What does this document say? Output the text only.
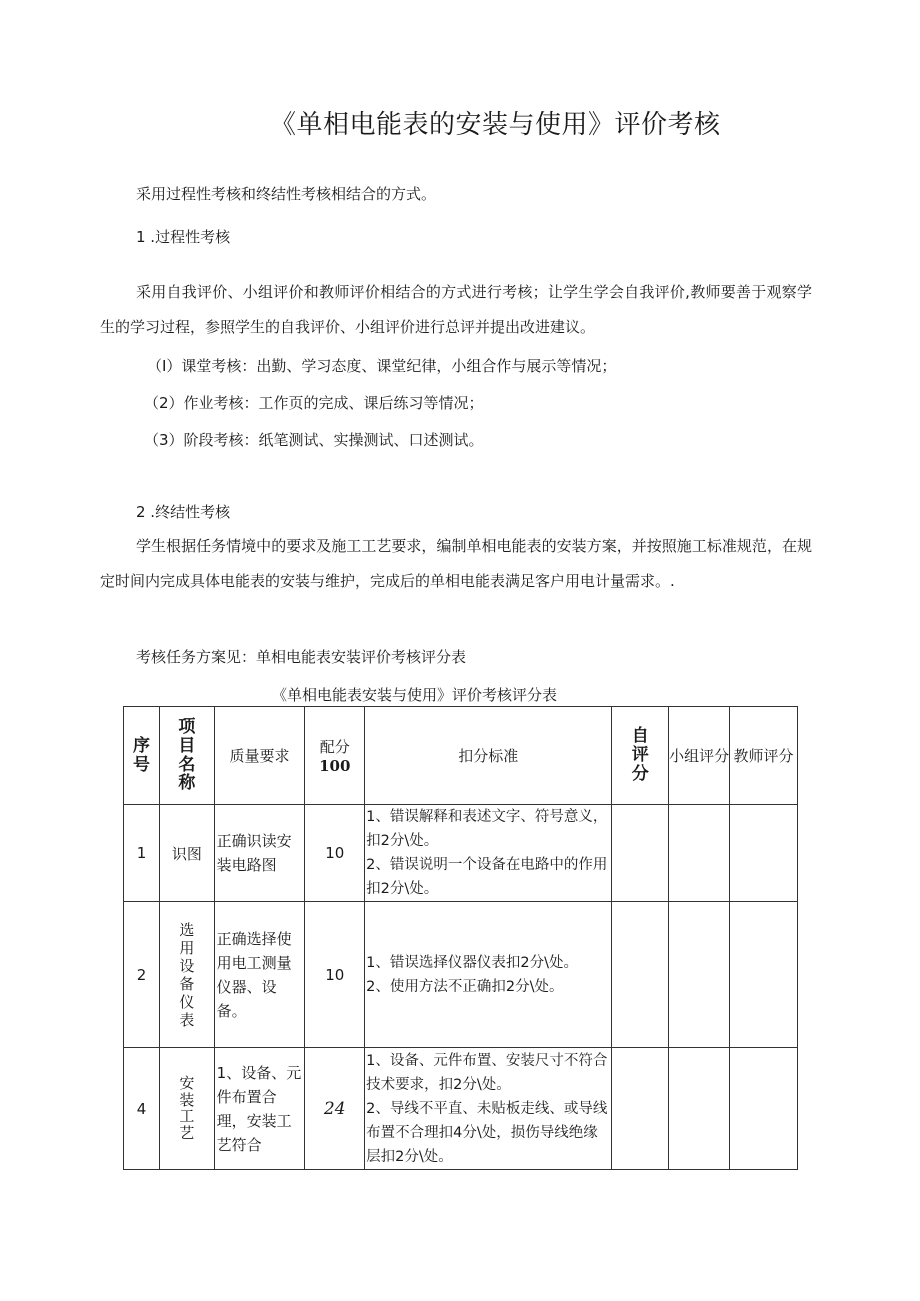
《单相电能表的安装与使用》评价考核

采用过程性考核和终结性考核相结合的方式。

1 .过程性考核

采用自我评价、小组评价和教师评价相结合的方式进行考核；让学生学会自我评价,教师要善于观察学生的学习过程，参照学生的自我评价、小组评价进行总评并提出改进建议。

（I）课堂考核：出勤、学习态度、课堂纪律，小组合作与展示等情况；

（2）作业考核：工作页的完成、课后练习等情况；

（3）阶段考核：纸笔测试、实操测试、口述测试。

2 .终结性考核

学生根据任务情境中的要求及施工工艺要求，编制单相电能表的安装方案，并按照施工标准规范，在规定时间内完成具体电能表的安装与维护，完成后的单相电能表满足客户用电计量需求。.

考核任务方案见：单相电能表安装评价考核评分表

《单相电能表安装与使用》评价考核评分表

序号	项目名称	质量要求	配分
100	扣分标准	自评分	小组评分	教师评分
1	识图	正确识读安装电路图	10	1、错误解释和表述文字、符号意义，扣2分\处。
2、错误说明一个设备在电路中的作用扣2分\处。			

2	选用设备仪表	正确选择使用电工测量仪器、设备。	10	1、错误选择仪器仪表扣2分\处。
2、使用方法不正确扣2分\处。			

4	安装工艺	1、设备、元件布置合理，安装工艺符合	24	1、设备、元件布置、安装尺寸不符合技术要求，扣2分\处。
2、导线不平直、未贴板走线、或导线布置不合理扣4分\处，损伤导线绝缘层扣2分\处。			
